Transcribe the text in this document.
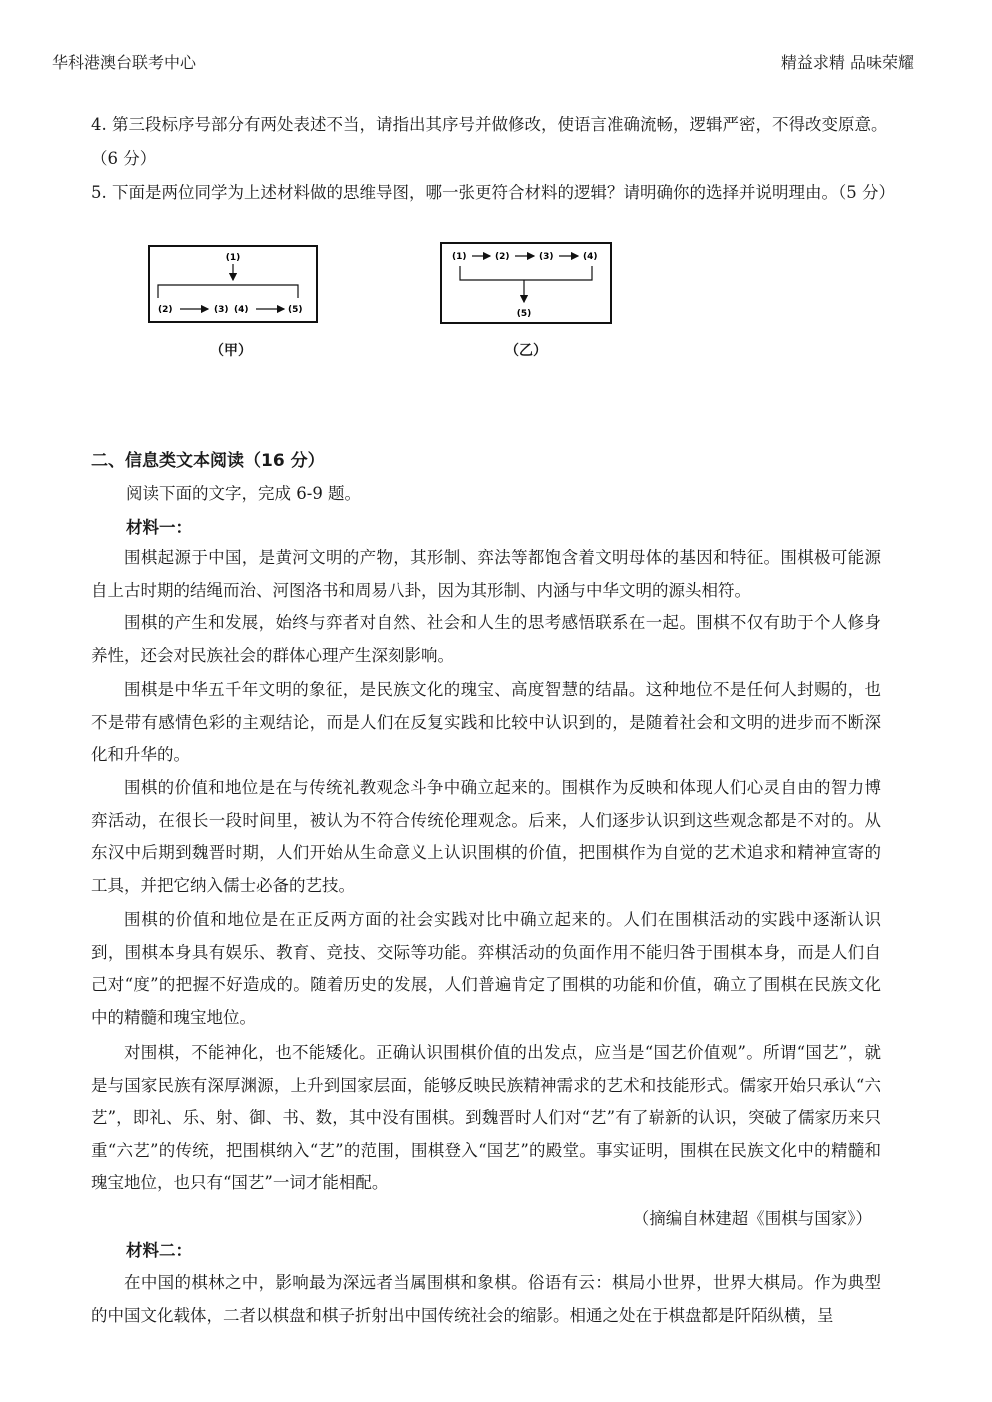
华科港澳台联考中心	精益求精 品味荣耀
4. 第三段标序号部分有两处表述不当，请指出其序号并做修改，使语言准确流畅，逻辑严密，不得改变原意。（6 分）
5. 下面是两位同学为上述材料做的思维导图，哪一张更符合材料的逻辑？请明确你的选择并说明理由。（5 分）
(1)
(2)	(3) (4)	(5)
（甲）
(1)	(2)	(3)	(4)
(5)
（乙）
二、信息类文本阅读（16 分）
阅读下面的文字，完成 6-9 题。
材料一：

围棋起源于中国，是黄河文明的产物，其形制、弈法等都饱含着文明母体的基因和特征。围棋极可能源自上古时期的结绳而治、河图洛书和周易八卦，因为其形制、内涵与中华文明的源头相符。

围棋的产生和发展，始终与弈者对自然、社会和人生的思考感悟联系在一起。围棋不仅有助于个人修身养性，还会对民族社会的群体心理产生深刻影响。

围棋是中华五千年文明的象征，是民族文化的瑰宝、高度智慧的结晶。这种地位不是任何人封赐的，也不是带有感情色彩的主观结论，而是人们在反复实践和比较中认识到的，是随着社会和文明的进步而不断深化和升华的。

围棋的价值和地位是在与传统礼教观念斗争中确立起来的。围棋作为反映和体现人们心灵自由的智力博弈活动，在很长一段时间里，被认为不符合传统伦理观念。后来，人们逐步认识到这些观念都是不对的。从东汉中后期到魏晋时期，人们开始从生命意义上认识围棋的价值，把围棋作为自觉的艺术追求和精神宣寄的工具，并把它纳入儒士必备的艺技。

围棋的价值和地位是在正反两方面的社会实践对比中确立起来的。人们在围棋活动的实践中逐渐认识到，围棋本身具有娱乐、教育、竞技、交际等功能。弈棋活动的负面作用不能归咎于围棋本身，而是人们自己对“度”的把握不好造成的。随着历史的发展，人们普遍肯定了围棋的功能和价值，确立了围棋在民族文化中的精髓和瑰宝地位。

对围棋，不能神化，也不能矮化。正确认识围棋价值的出发点，应当是“国艺价值观”。所谓“国艺”，就是与国家民族有深厚渊源，上升到国家层面，能够反映民族精神需求的艺术和技能形式。儒家开始只承认“六艺”，即礼、乐、射、御、书、数，其中没有围棋。到魏晋时人们对“艺”有了崭新的认识，突破了儒家历来只重“六艺”的传统，把围棋纳入“艺”的范围，围棋登入“国艺”的殿堂。事实证明，围棋在民族文化中的精髓和瑰宝地位，也只有“国艺”一词才能相配。

（摘编自林建超《围棋与国家》）
材料二：

在中国的棋林之中，影响最为深远者当属围棋和象棋。俗语有云：棋局小世界，世界大棋局。作为典型的中国文化载体，二者以棋盘和棋子折射出中国传统社会的缩影。相通之处在于棋盘都是阡陌纵横，呈
